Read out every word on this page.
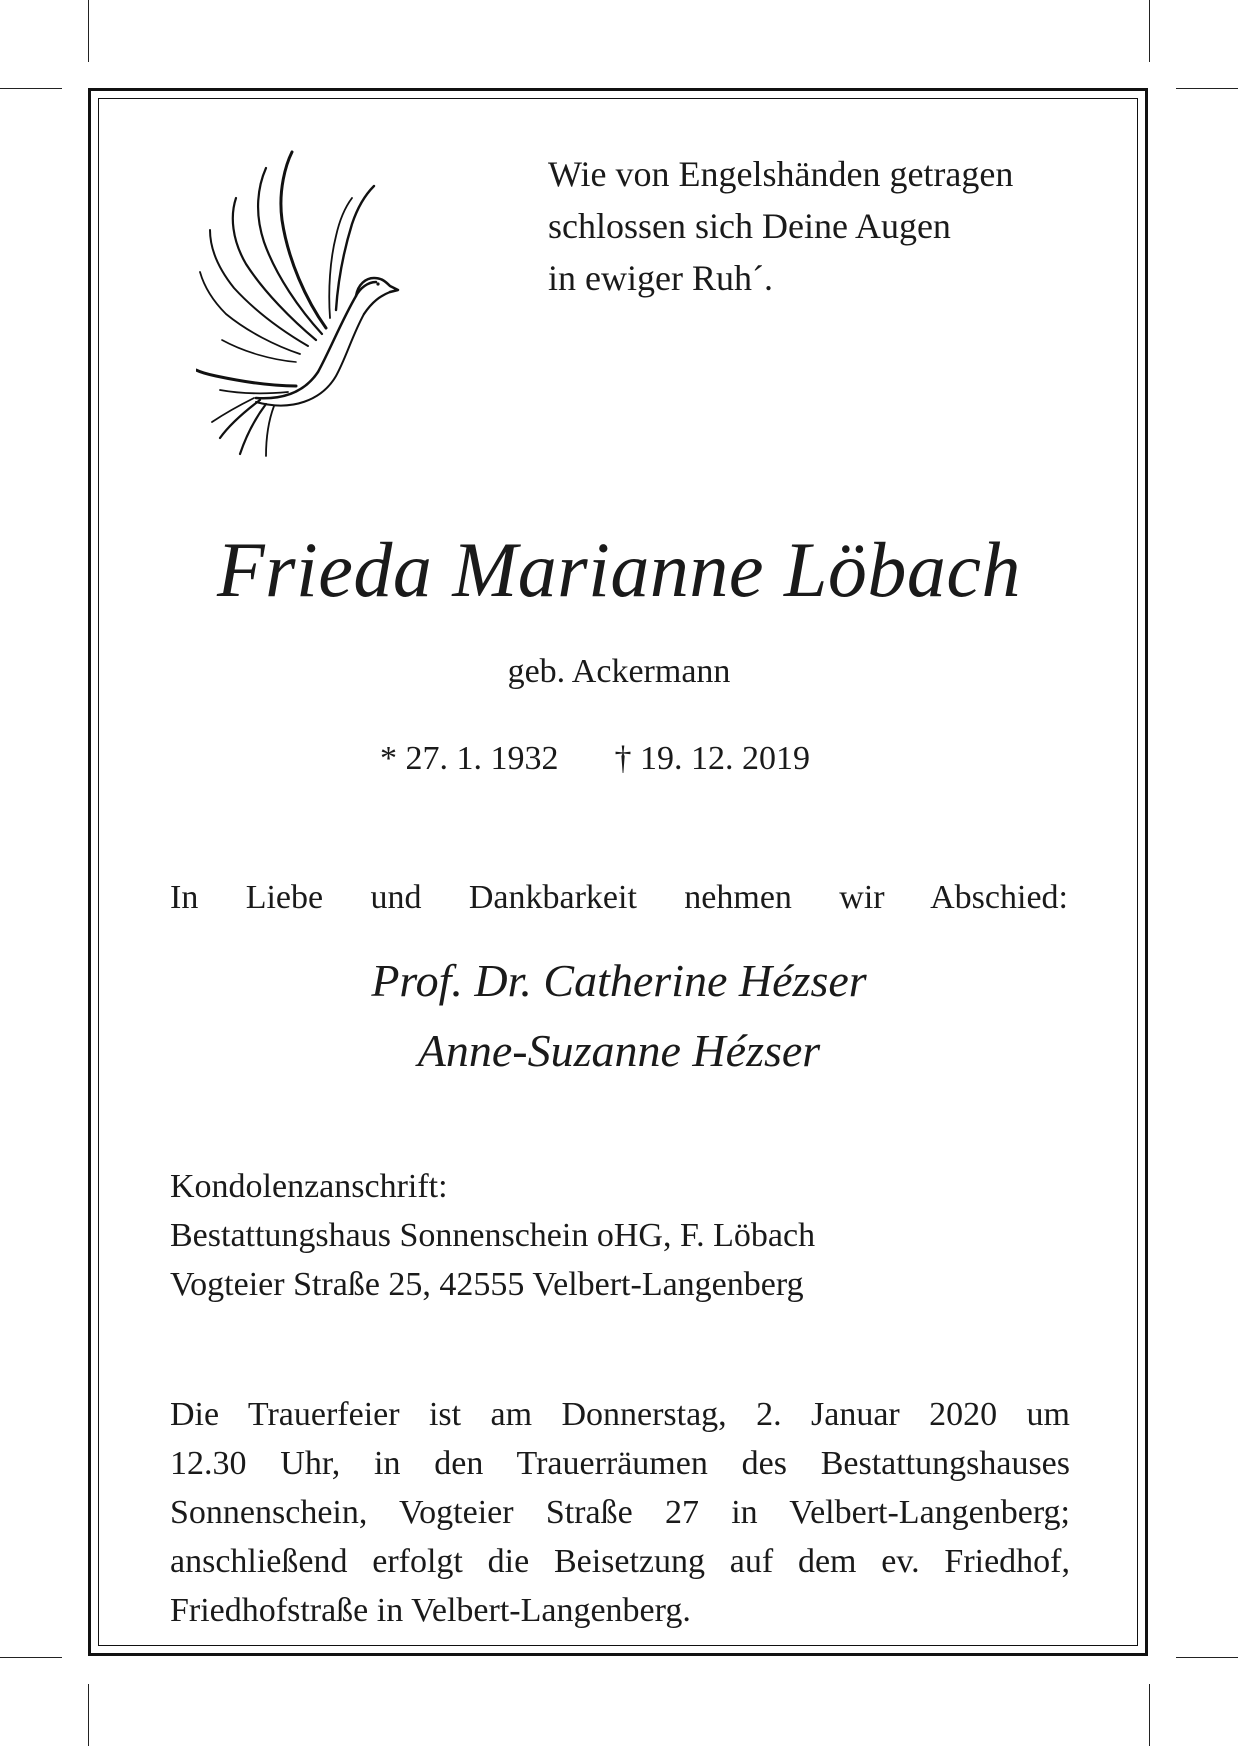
Wie von Engelshänden getragen
schlossen sich Deine Augen
in ewiger Ruh´.
Frieda Marianne Löbach
geb. Ackermann
* 27. 1. 1932 † 19. 12. 2019
In Liebe und Dankbarkeit nehmen wir Abschied:
Prof. Dr. Catherine Hézser
Anne-Suzanne Hézser
Kondolenzanschrift:
Bestattungshaus Sonnenschein oHG, F. Löbach
Vogteier Straße 25, 42555 Velbert-Langenberg
Die Trauerfeier ist am Donnerstag, 2. Januar 2020 um
12.30 Uhr, in den Trauerräumen des Bestattungshauses
Sonnenschein, Vogteier Straße 27 in Velbert-Langenberg;
anschließend erfolgt die Beisetzung auf dem ev. Friedhof,
Friedhofstraße in Velbert-Langenberg.
